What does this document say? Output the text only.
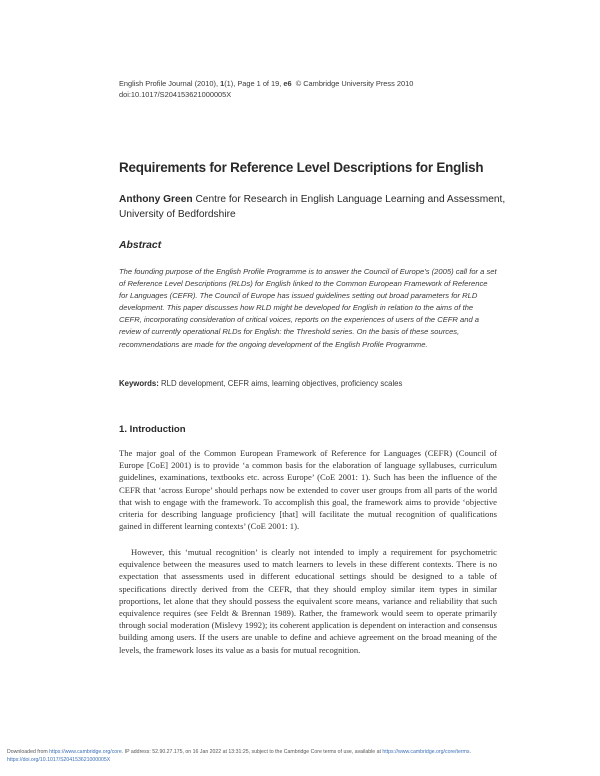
English Profile Journal (2010), 1(1), Page 1 of 19, e6 © Cambridge University Press 2010
doi:10.1017/S204153621000005X
Requirements for Reference Level Descriptions for English
Anthony Green Centre for Research in English Language Learning and Assessment, University of Bedfordshire
Abstract

The founding purpose of the English Profile Programme is to answer the Council of Europe’s (2005) call for a set of Reference Level Descriptions (RLDs) for English linked to the Common European Framework of Reference for Languages (CEFR). The Council of Europe has issued guidelines setting out broad parameters for RLD development. This paper discusses how RLD might be developed for English in relation to the aims of the CEFR, incorporating consideration of critical voices, reports on the experiences of users of the CEFR and a review of currently operational RLDs for English: the Threshold series. On the basis of these sources, recommendations are made for the ongoing development of the English Profile Programme.

Keywords: RLD development, CEFR aims, learning objectives, proficiency scales

1. Introduction

The major goal of the Common European Framework of Reference for Languages (CEFR) (Council of Europe [CoE] 2001) is to provide ‘a common basis for the elaboration of language syllabuses, curriculum guidelines, examinations, textbooks etc. across Europe’ (CoE 2001: 1). Such has been the influence of the CEFR that ‘across Europe’ should perhaps now be extended to cover user groups from all parts of the world that wish to engage with the framework. To accomplish this goal, the framework aims to provide ‘objective criteria for describing language proficiency [that] will facilitate the mutual recognition of qualifications gained in different learning contexts’ (CoE 2001: 1).

However, this ‘mutual recognition’ is clearly not intended to imply a requirement for psychometric equivalence between the measures used to match learners to levels in these different contexts. There is no expectation that assessments used in different educational settings should be designed to a table of specifications directly derived from the CEFR, that they should employ similar item types in similar proportions, let alone that they should possess the equivalent score means, variance and reliability that such equivalence requires (see Feldt & Brennan 1989). Rather, the framework would seem to operate primarily through social moderation (Mislevy 1992); its coherent application is dependent on interaction and consensus building among users. If the users are unable to define and achieve agreement on the broad meaning of the levels, the framework loses its value as a basis for mutual recognition.

Downloaded from https://www.cambridge.org/core. IP address: 52.90.27.175, on 16 Jan 2022 at 13:31:25, subject to the Cambridge Core terms of use, available at https://www.cambridge.org/core/terms.
https://doi.org/10.1017/S204153621000005X
